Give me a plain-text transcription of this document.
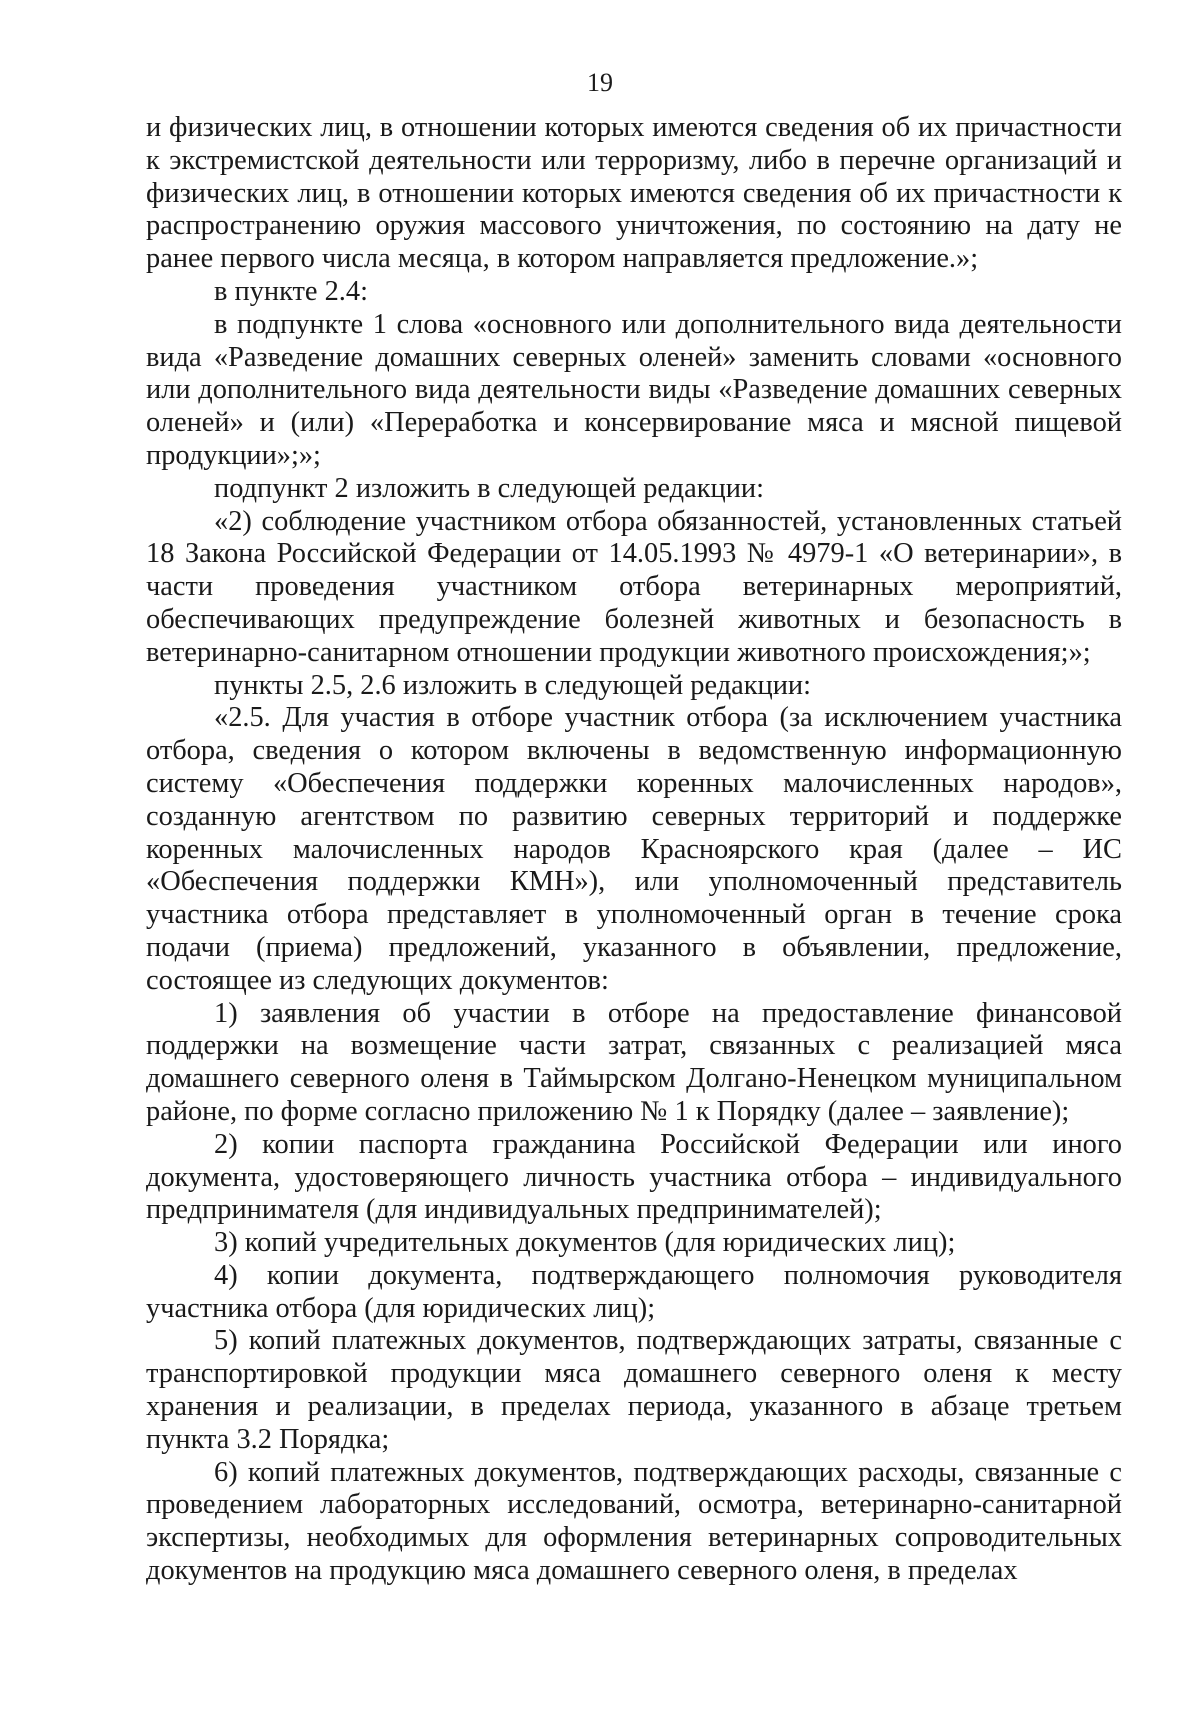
19

и физических лиц, в отношении которых имеются сведения об их причастности к экстремистской деятельности или терроризму, либо в перечне организаций и физических лиц, в отношении которых имеются сведения об их причастности к распространению оружия массового уничтожения, по состоянию на дату не ранее первого числа месяца, в котором направляется предложение.»;

в пункте 2.4:

в подпункте 1 слова «основного или дополнительного вида деятельности вида «Разведение домашних северных оленей» заменить словами «основного или дополнительного вида деятельности виды «Разведение домашних северных оленей» и (или) «Переработка и консервирование мяса и мясной пищевой продукции»;»;

подпункт 2 изложить в следующей редакции:

«2) соблюдение участником отбора обязанностей, установленных статьей 18 Закона Российской Федерации от 14.05.1993 № 4979-1 «О ветеринарии», в части проведения участником отбора ветеринарных мероприятий, обеспечивающих предупреждение болезней животных и безопасность в ветеринарно-санитарном отношении продукции животного происхождения;»;

пункты 2.5, 2.6 изложить в следующей редакции:

«2.5. Для участия в отборе участник отбора (за исключением участника отбора, сведения о котором включены в ведомственную информационную систему «Обеспечения поддержки коренных малочисленных народов», созданную агентством по развитию северных территорий и поддержке коренных малочисленных народов Красноярского края (далее – ИС «Обеспечения поддержки КМН»), или уполномоченный представитель участника отбора представляет в уполномоченный орган в течение срока подачи (приема) предложений, указанного в объявлении, предложение, состоящее из следующих документов:

1) заявления об участии в отборе на предоставление финансовой поддержки на возмещение части затрат, связанных с реализацией мяса домашнего северного оленя в Таймырском Долгано-Ненецком муниципальном районе, по форме согласно приложению № 1 к Порядку (далее – заявление);

2) копии паспорта гражданина Российской Федерации или иного документа, удостоверяющего личность участника отбора – индивидуального предпринимателя (для индивидуальных предпринимателей);

3) копий учредительных документов (для юридических лиц);

4) копии документа, подтверждающего полномочия руководителя участника отбора (для юридических лиц);

5) копий платежных документов, подтверждающих затраты, связанные с транспортировкой продукции мяса домашнего северного оленя к месту хранения и реализации, в пределах периода, указанного в абзаце третьем пункта 3.2 Порядка;

6) копий платежных документов, подтверждающих расходы, связанные с проведением лабораторных исследований, осмотра, ветеринарно-санитарной экспертизы, необходимых для оформления ветеринарных сопроводительных документов на продукцию мяса домашнего северного оленя, в пределах
